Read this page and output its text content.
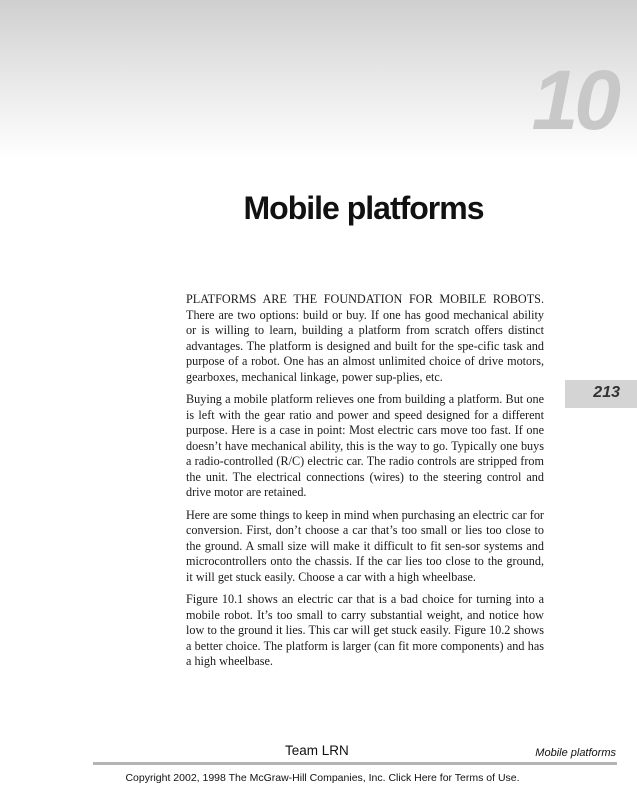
10
Mobile platforms

PLATFORMS ARE THE FOUNDATION FOR MOBILE ROBOTS. There are two options: build or buy. If one has good mechanical ability or is willing to learn, building a platform from scratch offers distinct advantages. The platform is designed and built for the spe-cific task and purpose of a robot. One has an almost unlimited choice of drive motors, gearboxes, mechanical linkage, power sup-plies, etc.

Buying a mobile platform relieves one from building a platform. But one is left with the gear ratio and power and speed designed for a different purpose. Here is a case in point: Most electric cars move too fast. If one doesn’t have mechanical ability, this is the way to go. Typically one buys a radio-controlled (R/C) electric car. The radio controls are stripped from the unit. The electrical connections (wires) to the steering control and drive motor are retained.

Here are some things to keep in mind when purchasing an electric car for conversion. First, don’t choose a car that’s too small or lies too close to the ground. A small size will make it difficult to fit sen-sor systems and microcontrollers onto the chassis. If the car lies too close to the ground, it will get stuck easily. Choose a car with a high wheelbase.

Figure 10.1 shows an electric car that is a bad choice for turning into a mobile robot. It’s too small to carry substantial weight, and notice how low to the ground it lies. This car will get stuck easily. Figure 10.2 shows a better choice. The platform is larger (can fit more components) and has a high wheelbase.

213
Team LRN	Mobile platforms
Copyright 2002, 1998 The McGraw-Hill Companies, Inc. Click Here for Terms of Use.
